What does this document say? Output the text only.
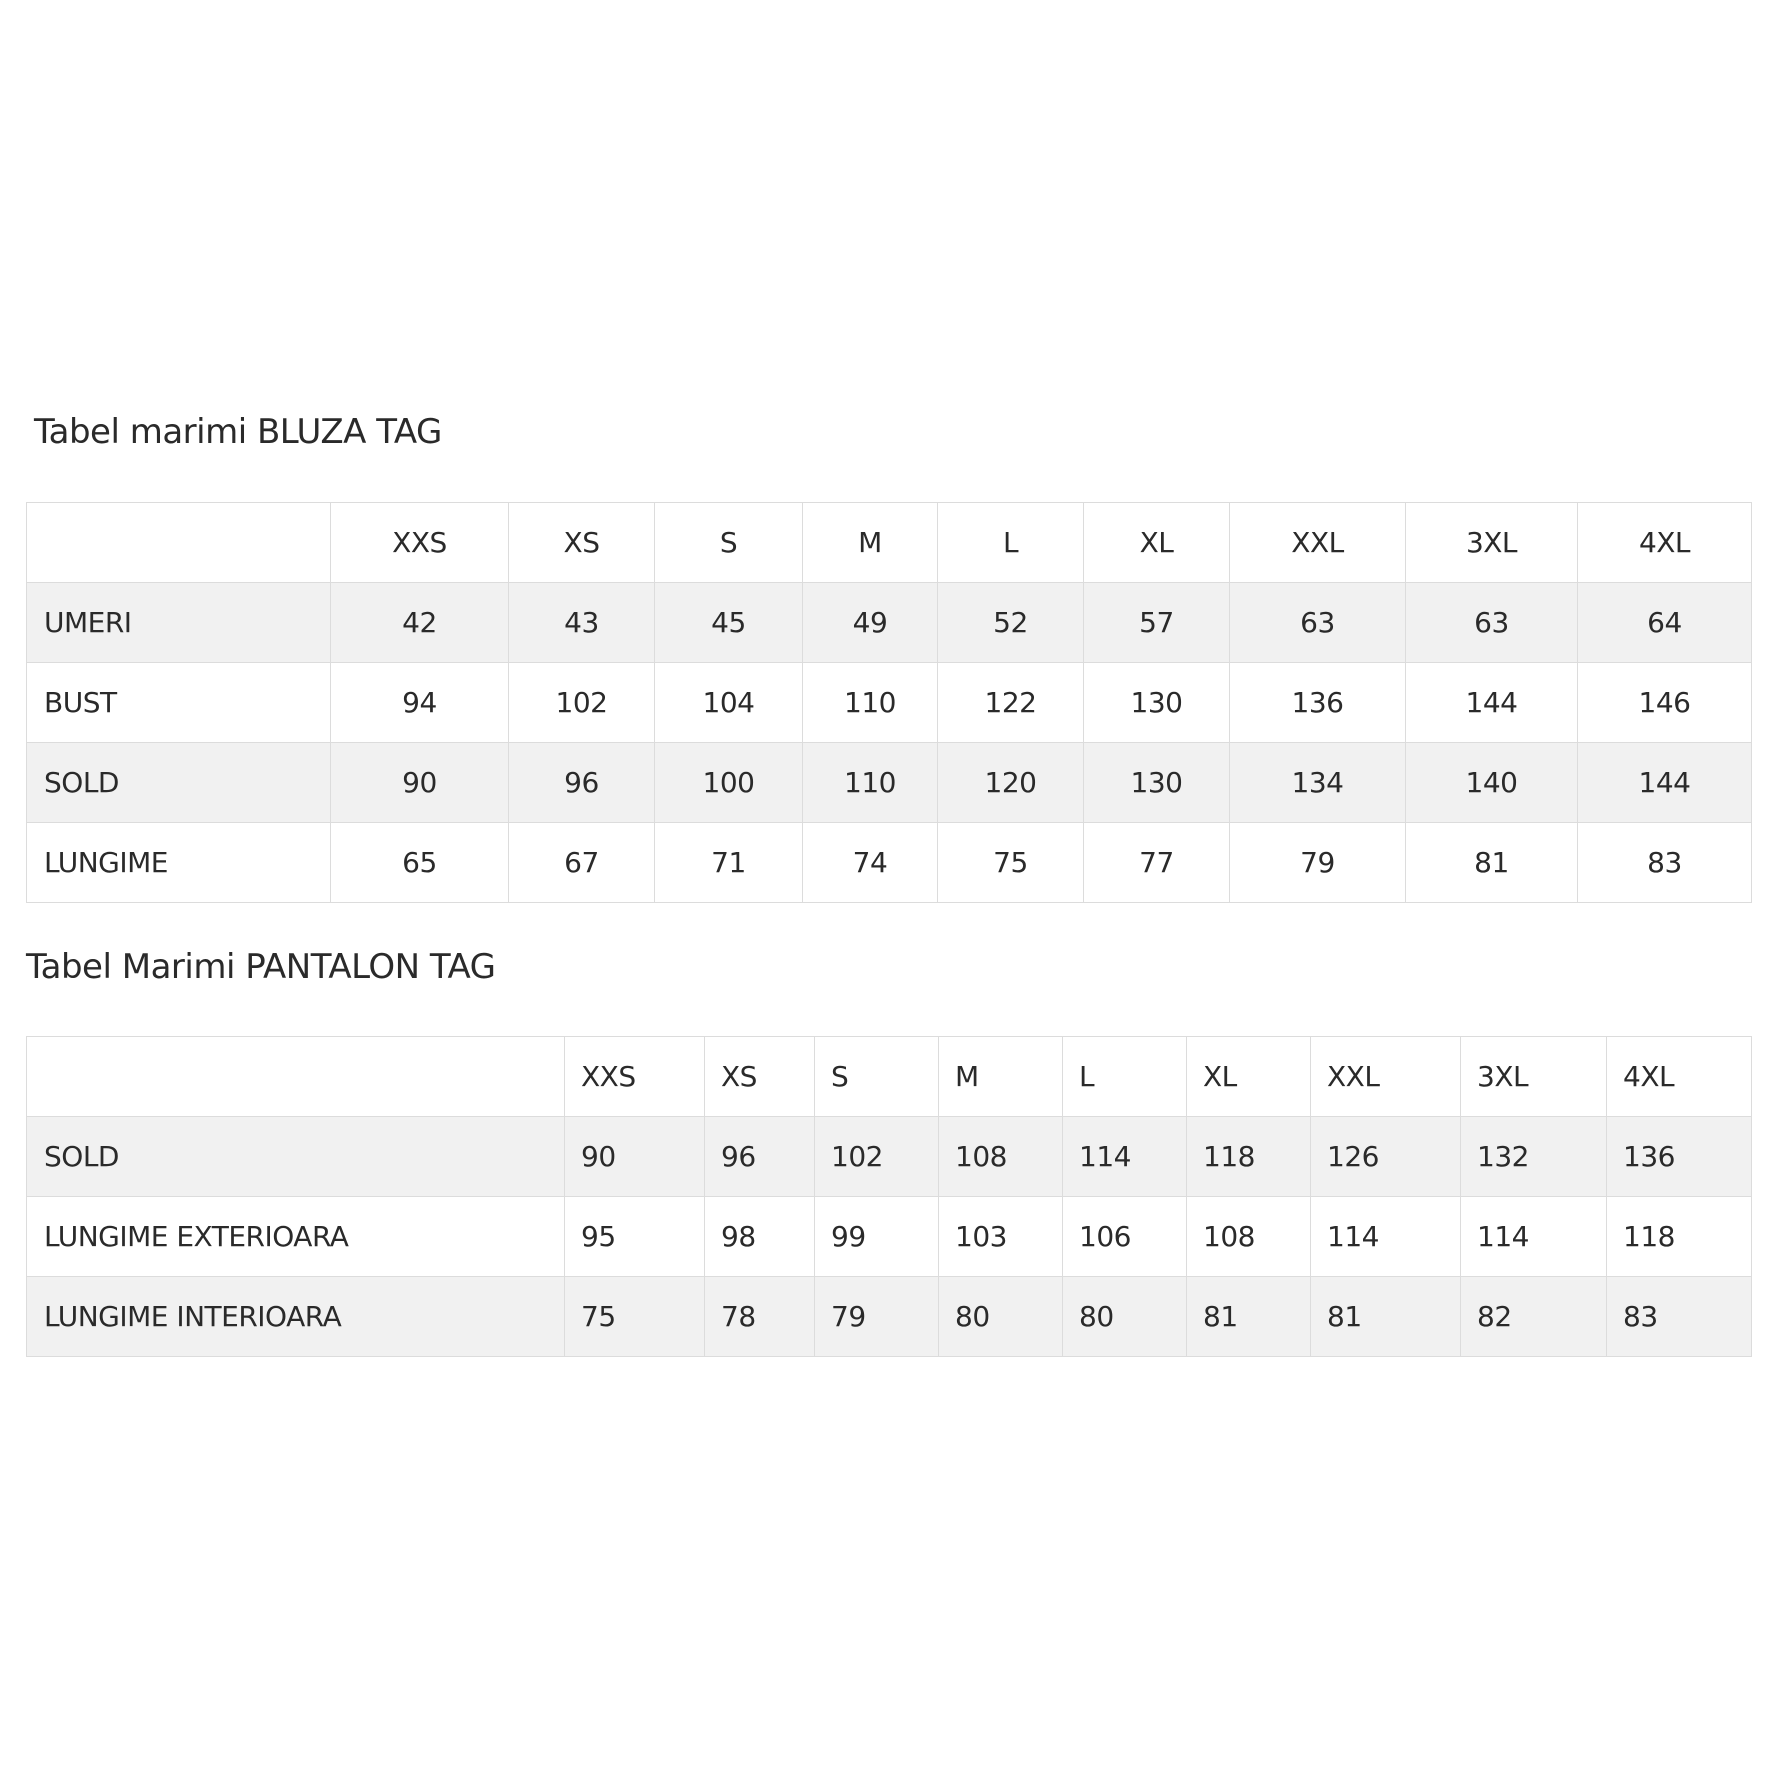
Tabel marimi BLUZA TAG
	XXS	XS	S	M	L	XL	XXL	3XL	4XL
UMERI	42	43	45	49	52	57	63	63	64
BUST	94	102	104	110	122	130	136	144	146
SOLD	90	96	100	110	120	130	134	140	144
LUNGIME	65	67	71	74	75	77	79	81	83
Tabel Marimi PANTALON TAG
	XXS	XS	S	M	L	XL	XXL	3XL	4XL
SOLD	90	96	102	108	114	118	126	132	136
LUNGIME EXTERIOARA	95	98	99	103	106	108	114	114	118
LUNGIME INTERIOARA	75	78	79	80	80	81	81	82	83
